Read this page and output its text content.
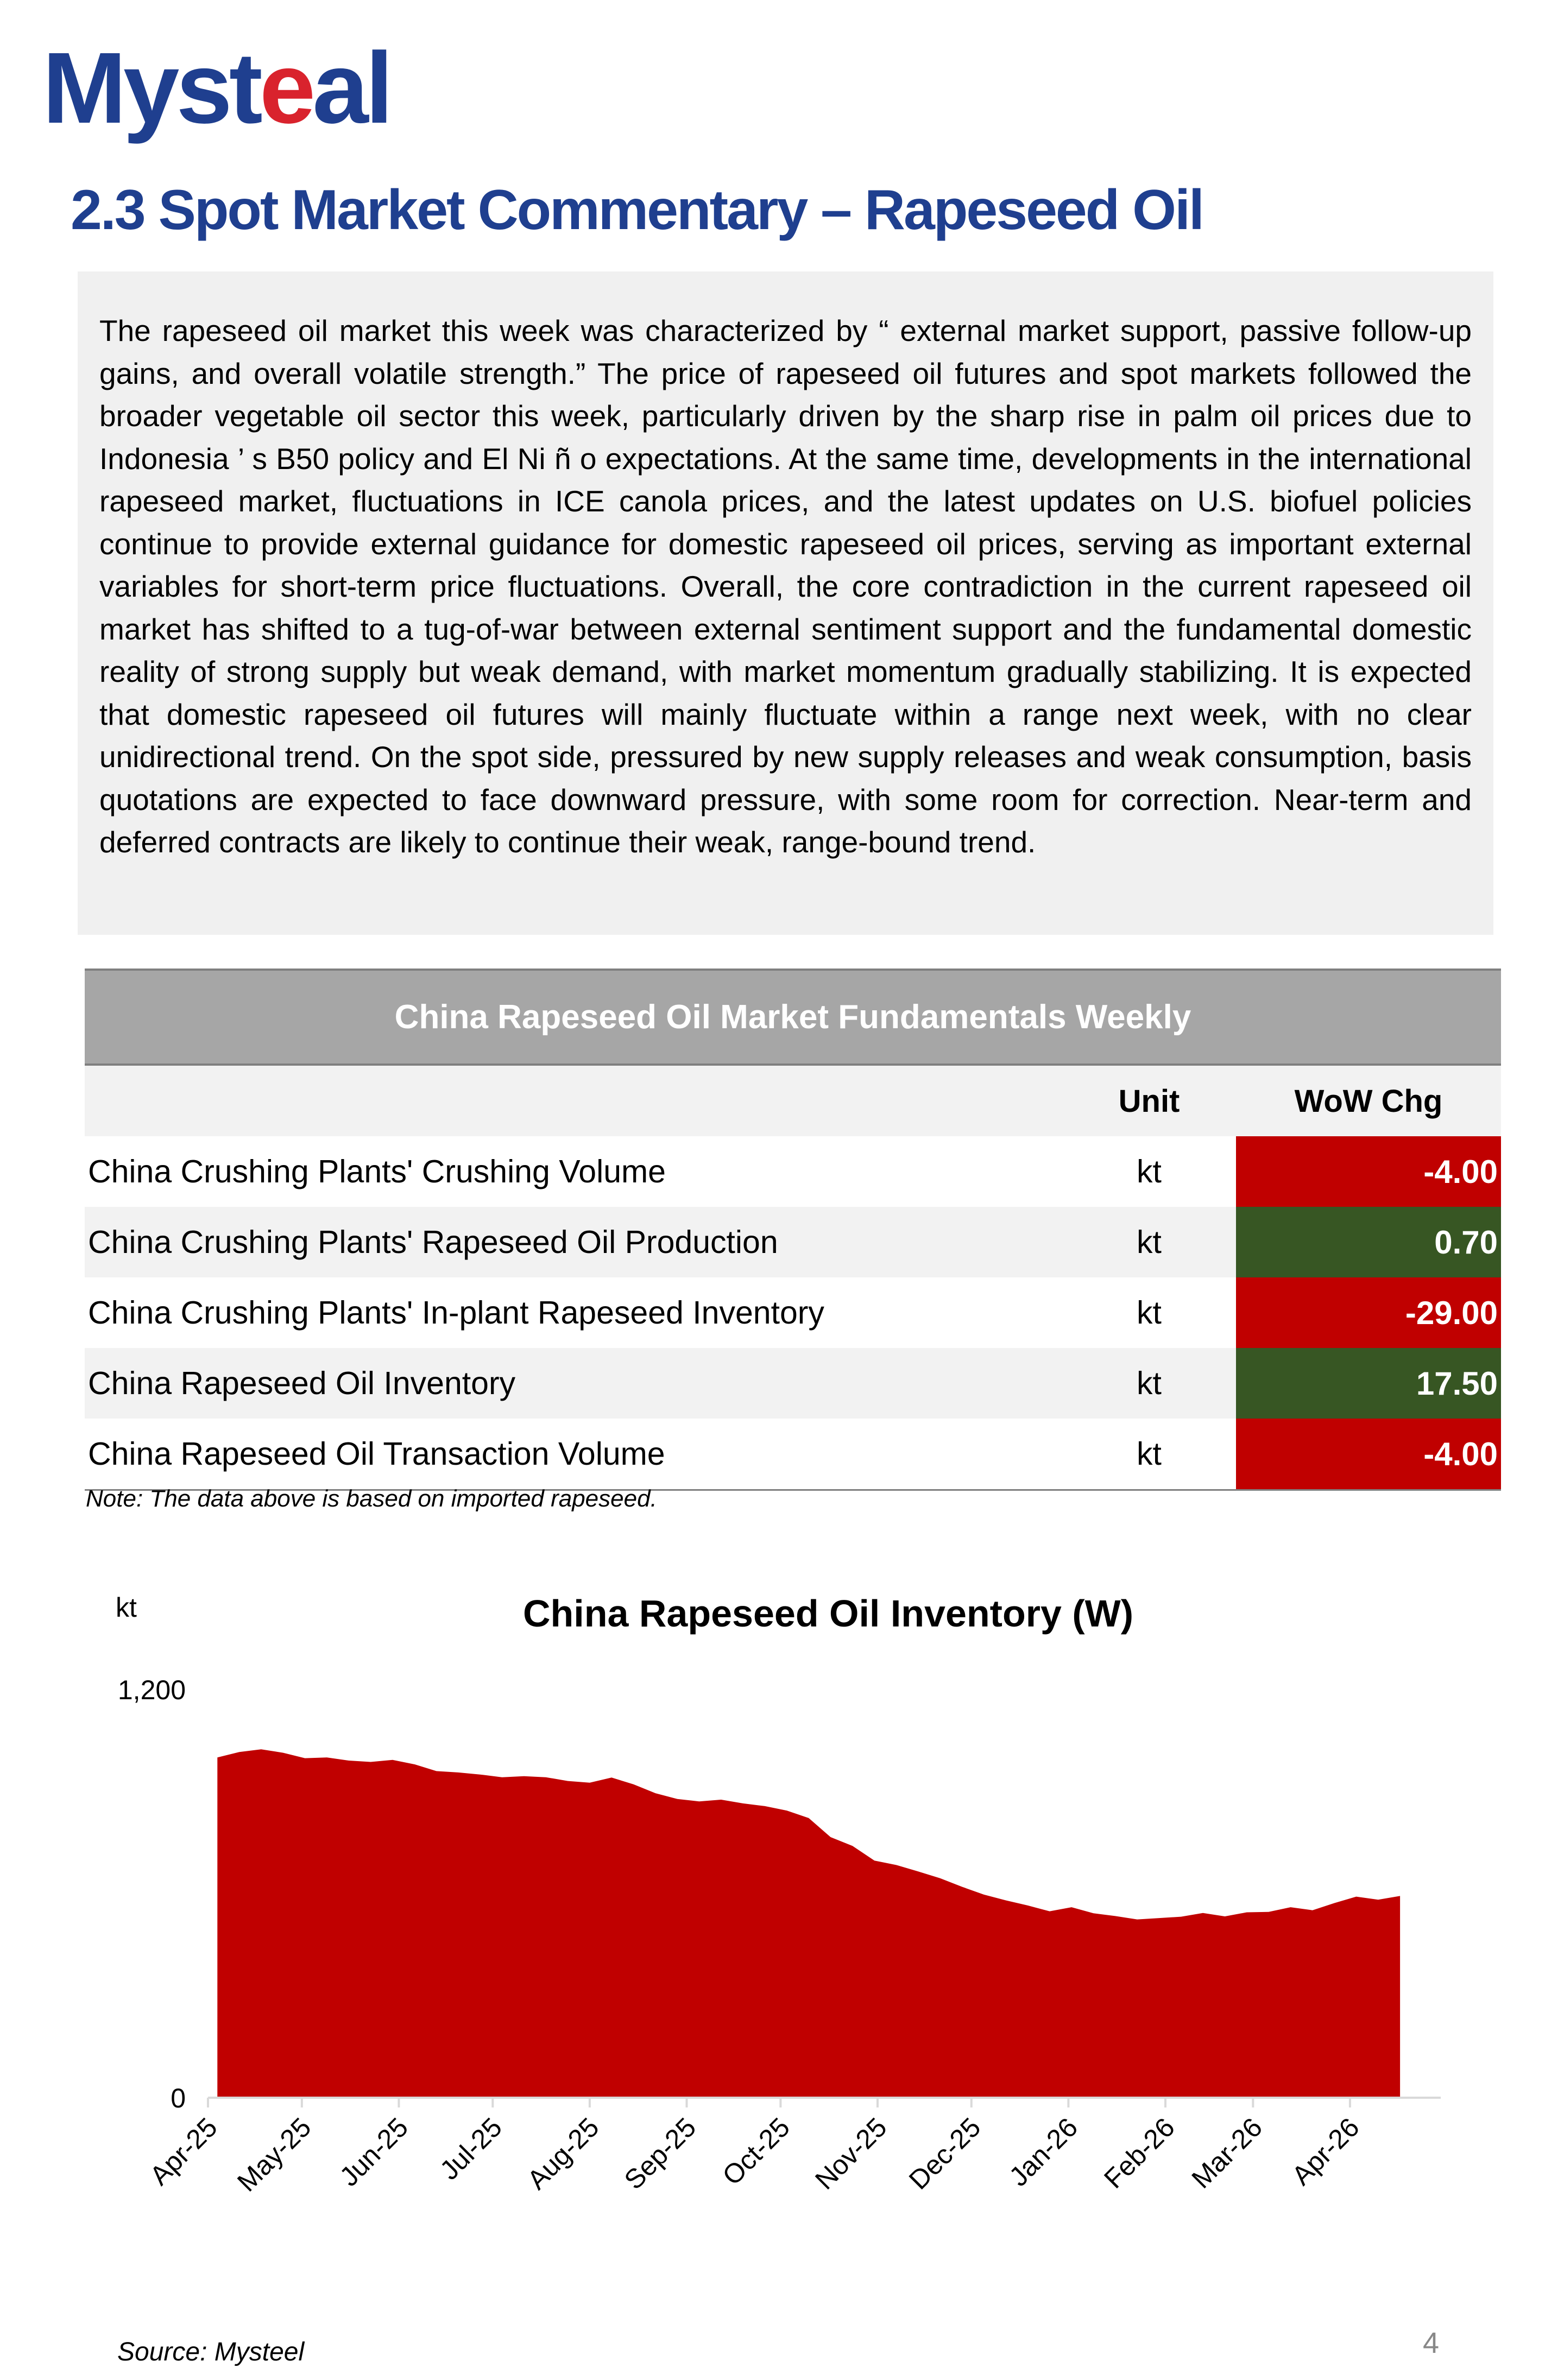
Mysteal
2.3 Spot Market Commentary – Rapeseed Oil

The rapeseed oil market this week was characterized by “ external market support, passive follow-up gains, and overall volatile strength.” The price of rapeseed oil futures and spot markets followed the broader vegetable oil sector this week, particularly driven by the sharp rise in palm oil prices due to Indonesia ’ s B50 policy and El Ni ñ o expectations. At the same time, developments in the international rapeseed market, fluctuations in ICE canola prices, and the latest updates on U.S. biofuel policies continue to provide external guidance for domestic rapeseed oil prices, serving as important external variables for short-term price fluctuations. Overall, the core contradiction in the current rapeseed oil market has shifted to a tug-of-war between external sentiment support and the fundamental domestic reality of strong supply but weak demand, with market momentum gradually stabilizing. It is expected that domestic rapeseed oil futures will mainly fluctuate within a range next week, with no clear unidirectional trend. On the spot side, pressured by new supply releases and weak consumption, basis quotations are expected to face downward pressure, with some room for correction. Near-term and deferred contracts are likely to continue their weak, range-bound trend.

China Rapeseed Oil Market Fundamentals Weekly		
	Unit	WoW Chg
China Crushing Plants' Crushing Volume	kt	-4.00
China Crushing Plants' Rapeseed Oil Production	kt	0.70
China Crushing Plants' In-plant Rapeseed Inventory	kt	-29.00
China Rapeseed Oil Inventory	kt	17.50
China Rapeseed Oil Transaction Volume	kt	-4.00
Note: The data above is based on imported rapeseed.
kt	China Rapeseed Oil Inventory (W)
0
1,200
Apr-25 May-25 Jun-25 Jul-25 Aug-25 Sep-25 Oct-25 Nov-25 Dec-25 Jan-26 Feb-26 Mar-26 Apr-26
Source: Mysteel	4
